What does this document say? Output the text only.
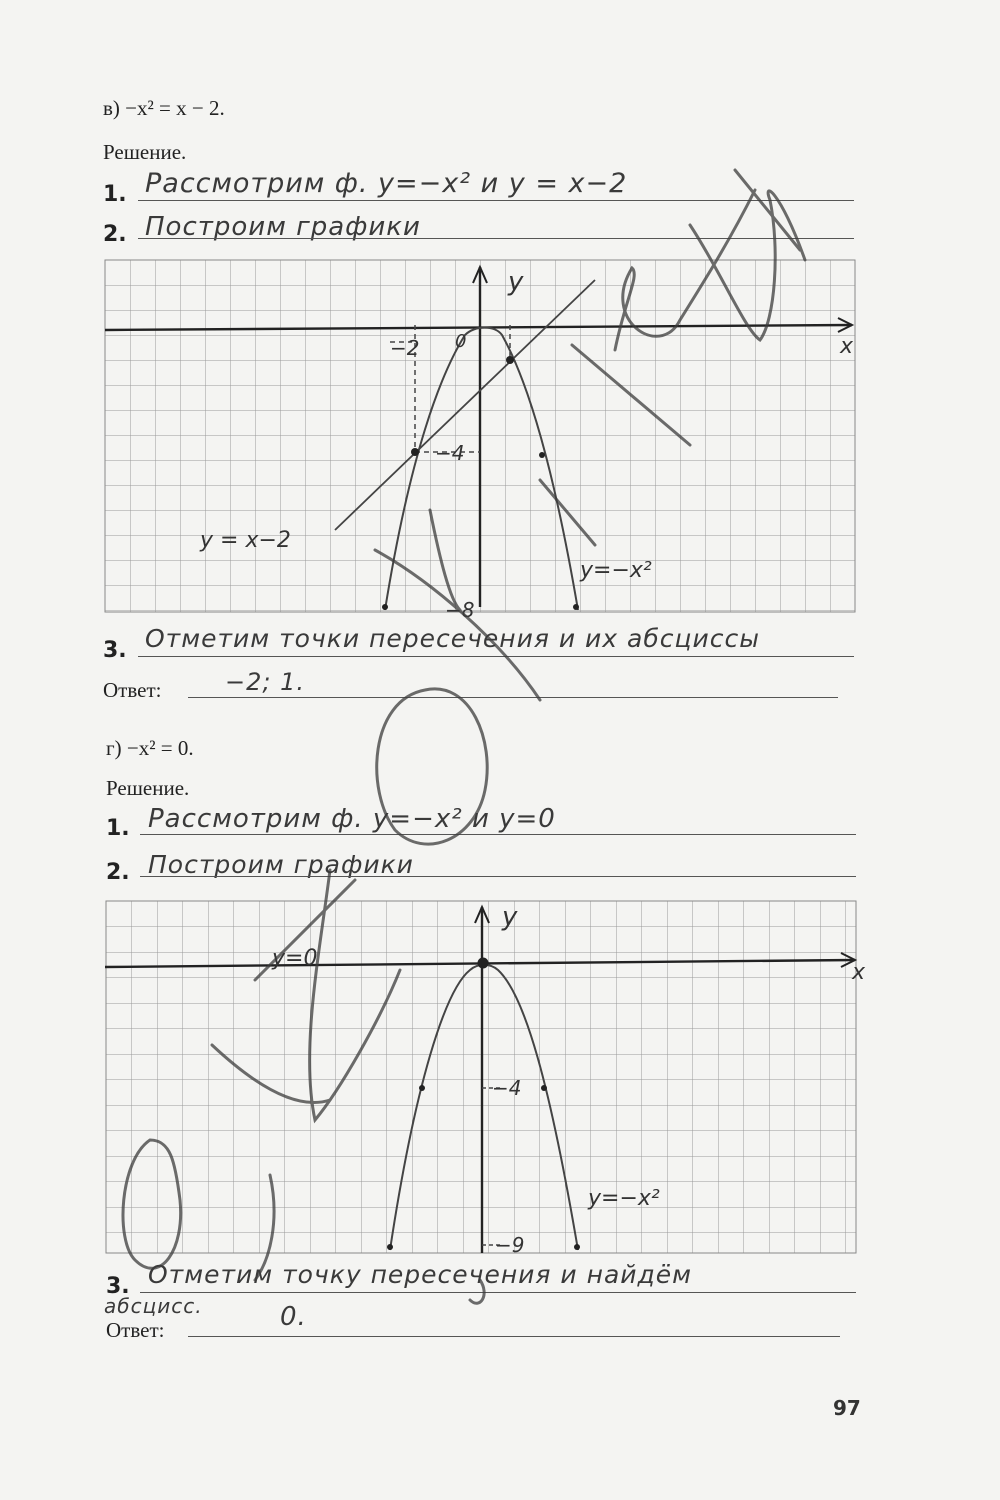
в) −x² = x − 2.
Решение.
1. Рассмотрим ф. y=−x² и y = x−2
2. Построим графики
y
x
0
−2
−4
−8
y = x−2
y=−x²
3. Отметим точки пересечения и их абсциссы
Ответ:	−2; 1.
г) −x² = 0.
Решение.
1. Рассмотрим ф. y=−x² и y=0
2. Построим графики
y
x
−4
−9
y=0
y=−x²
3. Отметим точку пересечения и найдём
абсцисс.
Ответ:	0.
97
